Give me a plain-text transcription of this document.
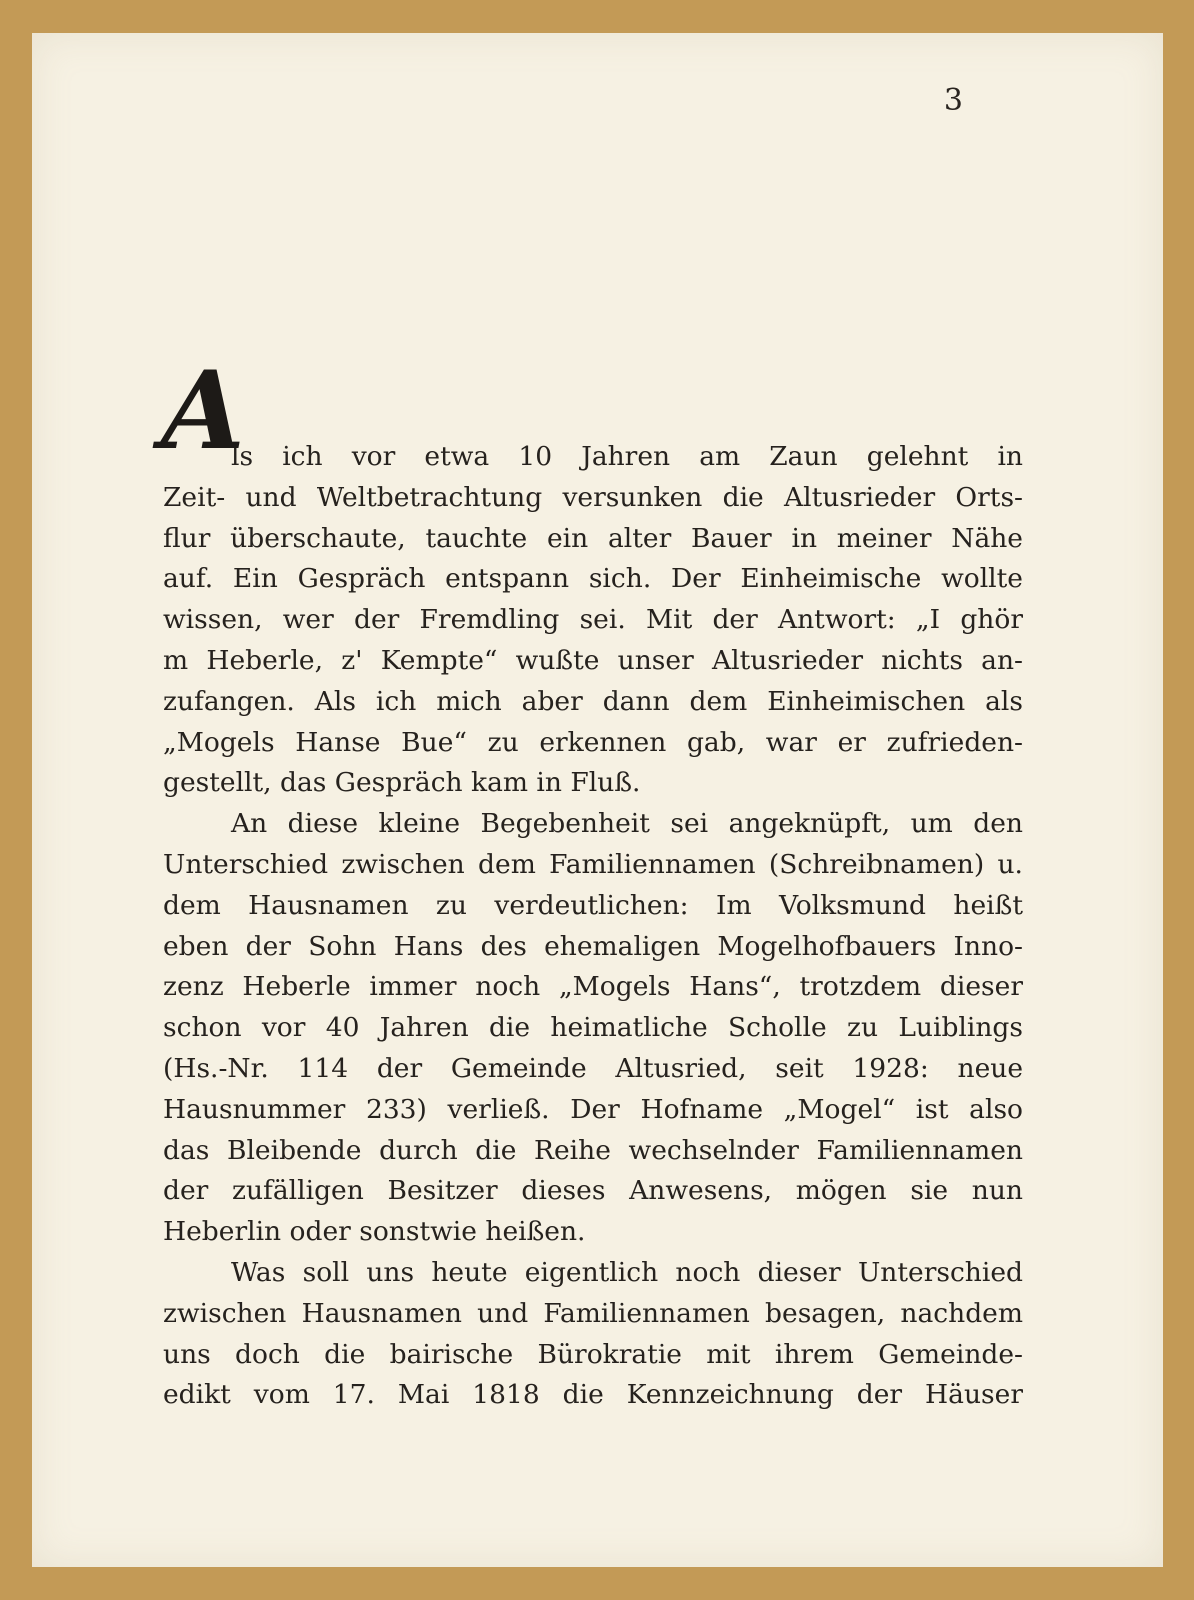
3
A
ls ich vor etwa 10 Jahren am Zaun gelehnt in
Zeit- und Weltbetrachtung versunken die Altusrieder Orts-
flur überschaute, tauchte ein alter Bauer in meiner Nähe
auf. Ein Gespräch entspann sich. Der Einheimische wollte
wissen, wer der Fremdling sei. Mit der Antwort: „I ghör
m Heberle, z' Kempte“ wußte unser Altusrieder nichts an-
zufangen. Als ich mich aber dann dem Einheimischen als
„Mogels Hanse Bue“ zu erkennen gab, war er zufrieden-
gestellt, das Gespräch kam in Fluß.
An diese kleine Begebenheit sei angeknüpft, um den
Unterschied zwischen dem Familiennamen (Schreibnamen) u.
dem Hausnamen zu verdeutlichen: Im Volksmund heißt
eben der Sohn Hans des ehemaligen Mogelhofbauers Inno-
zenz Heberle immer noch „Mogels Hans“, trotzdem dieser
schon vor 40 Jahren die heimatliche Scholle zu Luiblings
(Hs.-Nr. 114 der Gemeinde Altusried, seit 1928: neue
Hausnummer 233) verließ. Der Hofname „Mogel“ ist also
das Bleibende durch die Reihe wechselnder Familiennamen
der zufälligen Besitzer dieses Anwesens, mögen sie nun
Heberlin oder sonstwie heißen.
Was soll uns heute eigentlich noch dieser Unterschied
zwischen Hausnamen und Familiennamen besagen, nachdem
uns doch die bairische Bürokratie mit ihrem Gemeinde-
edikt vom 17. Mai 1818 die Kennzeichnung der Häuser
